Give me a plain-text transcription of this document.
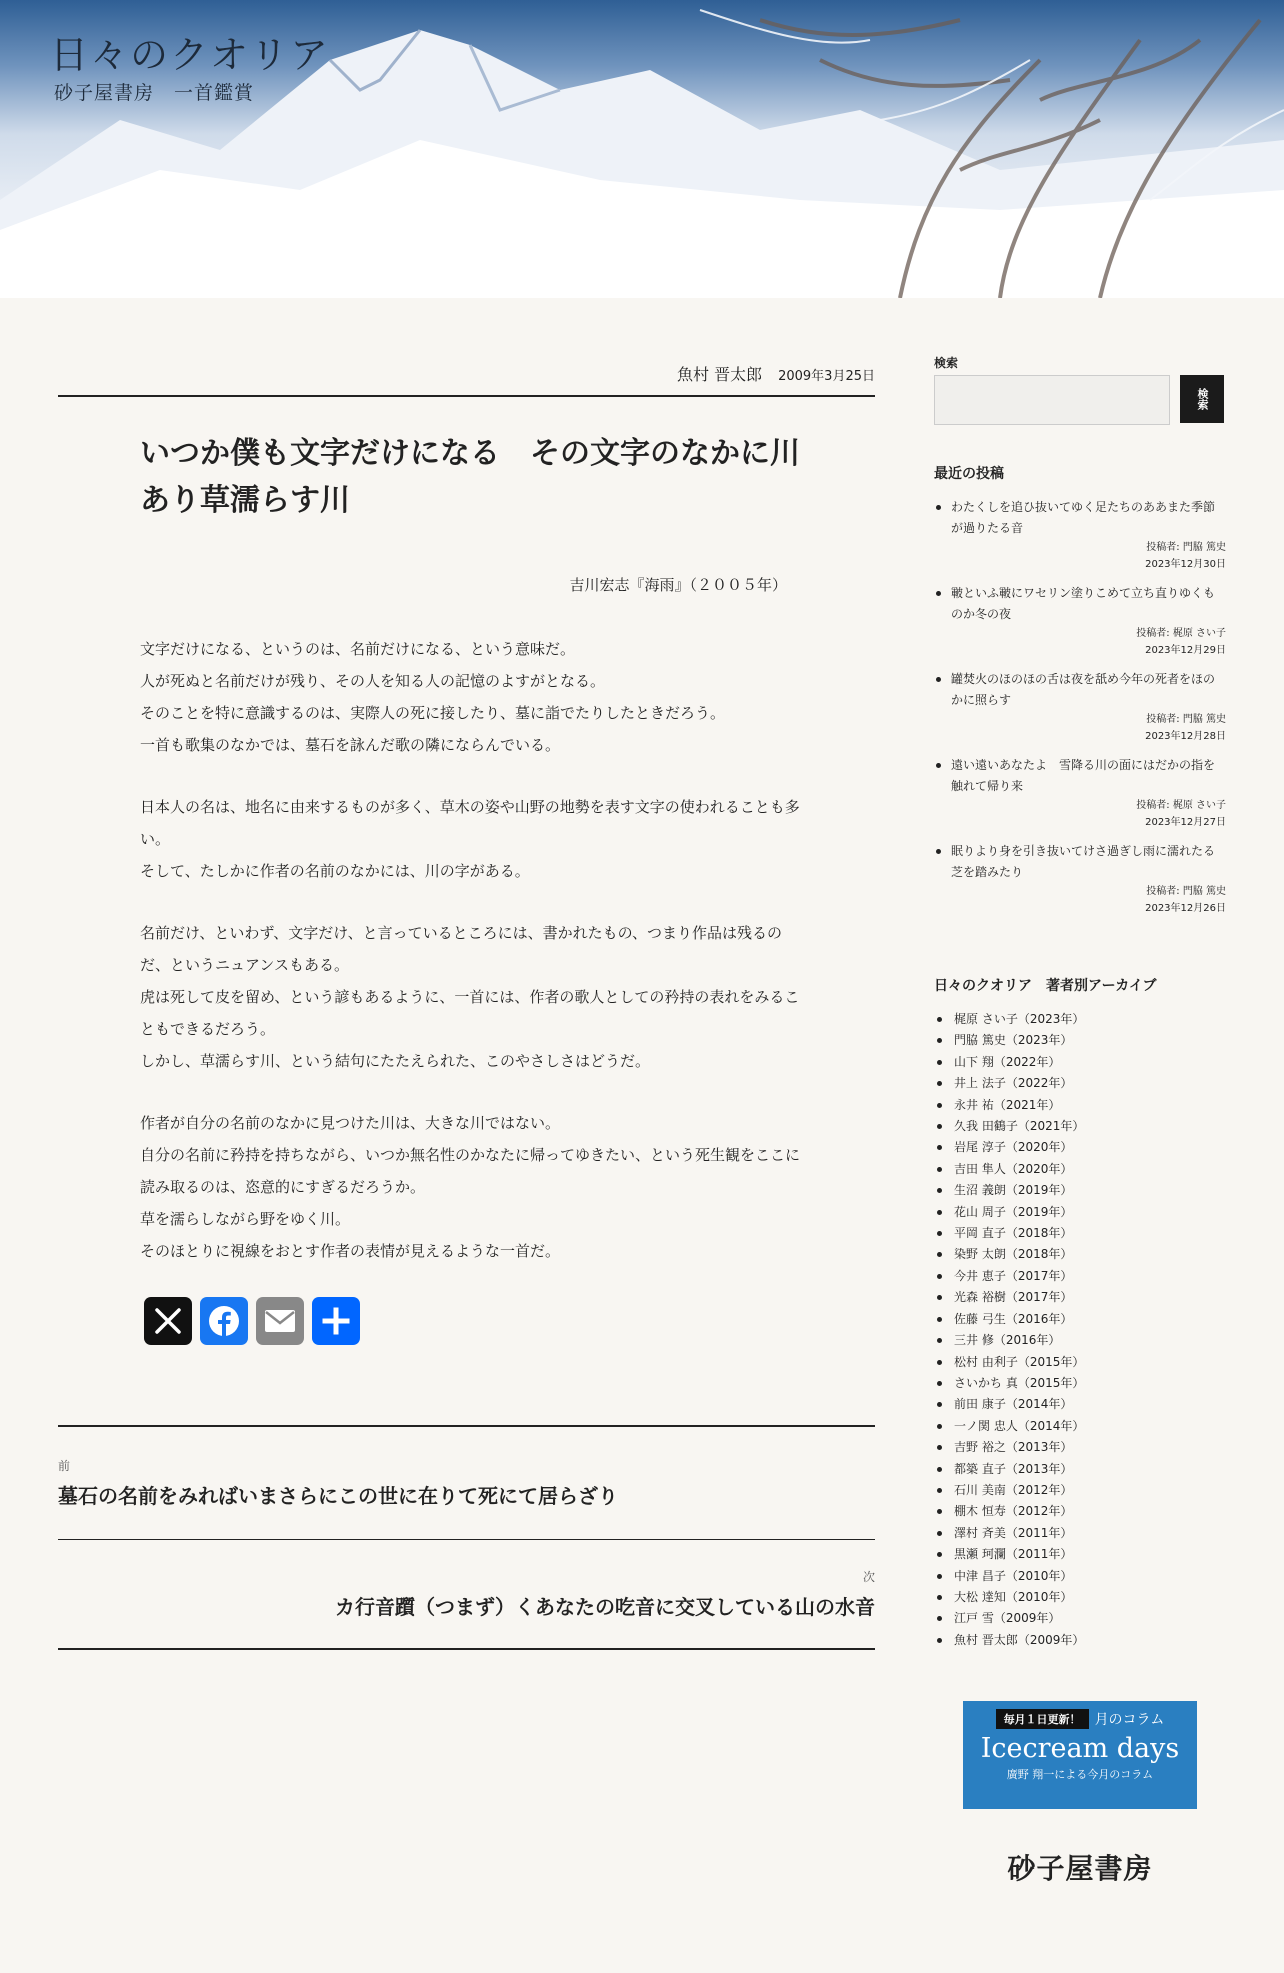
日々のクオリア
砂子屋書房　一首鑑賞
魚村 晋太郎 2009年3月25日
いつか僕も文字だけになる　その文字のなかに川あり草濡らす川
吉川宏志『海雨』（２００５年）

文字だけになる、というのは、名前だけになる、という意味だ。
人が死ぬと名前だけが残り、その人を知る人の記憶のよすがとなる。
そのことを特に意識するのは、実際人の死に接したり、墓に詣でたりしたときだろう。
一首も歌集のなかでは、墓石を詠んだ歌の隣にならんでいる。

日本人の名は、地名に由来するものが多く、草木の姿や山野の地勢を表す文字の使われることも多い。
そして、たしかに作者の名前のなかには、川の字がある。

名前だけ、といわず、文字だけ、と言っているところには、書かれたもの、つまり作品は残るのだ、というニュアンスもある。
虎は死して皮を留め、という諺もあるように、一首には、作者の歌人としての矜持の表れをみることもできるだろう。
しかし、草濡らす川、という結句にたたえられた、このやさしさはどうだ。

作者が自分の名前のなかに見つけた川は、大きな川ではない。
自分の名前に矜持を持ちながら、いつか無名性のかなたに帰ってゆきたい、という死生観をここに読み取るのは、恣意的にすぎるだろうか。
草を濡らしながら野をゆく川。
そのほとりに視線をおとす作者の表情が見えるような一首だ。

前
墓石の名前をみればいまさらにこの世に在りて死にて居らざり
次
カ行音躓（つまず）くあなたの吃音に交叉している山の水音
検索
検索
最近の投稿
わたくしを追ひ抜いてゆく足たちのああまた季節が過りたる音
投稿者: 門脇 篤史
2023年12月30日
皸といふ皸にワセリン塗りこめて立ち直りゆくものか冬の夜
投稿者: 梶原 さい子
2023年12月29日
罐焚火のほのほの舌は夜を舐め今年の死者をほのかに照らす
投稿者: 門脇 篤史
2023年12月28日
遠い遠いあなたよ　雪降る川の面にはだかの指を触れて帰り来
投稿者: 梶原 さい子
2023年12月27日
眠りより身を引き抜いてけさ過ぎし雨に濡れたる芝を踏みたり
投稿者: 門脇 篤史
2023年12月26日
日々のクオリア　著者別アーカイブ
梶原 さい子（2023年）
門脇 篤史（2023年）
山下 翔（2022年）
井上 法子（2022年）
永井 祐（2021年）
久我 田鶴子（2021年）
岩尾 淳子（2020年）
吉田 隼人（2020年）
生沼 義朗（2019年）
花山 周子（2019年）
平岡 直子（2018年）
染野 太朗（2018年）
今井 恵子（2017年）
光森 裕樹（2017年）
佐藤 弓生（2016年）
三井 修（2016年）
松村 由利子（2015年）
さいかち 真（2015年）
前田 康子（2014年）
一ノ関 忠人（2014年）
吉野 裕之（2013年）
都築 直子（2013年）
石川 美南（2012年）
棚木 恒寿（2012年）
澤村 斉美（2011年）
黒瀬 珂瀾（2011年）
中津 昌子（2010年）
大松 達知（2010年）
江戸 雪（2009年）
魚村 晋太郎（2009年）
毎月１日更新！	月のコラム
Icecream days
廣野 翔一による今月のコラム
砂子屋書房
